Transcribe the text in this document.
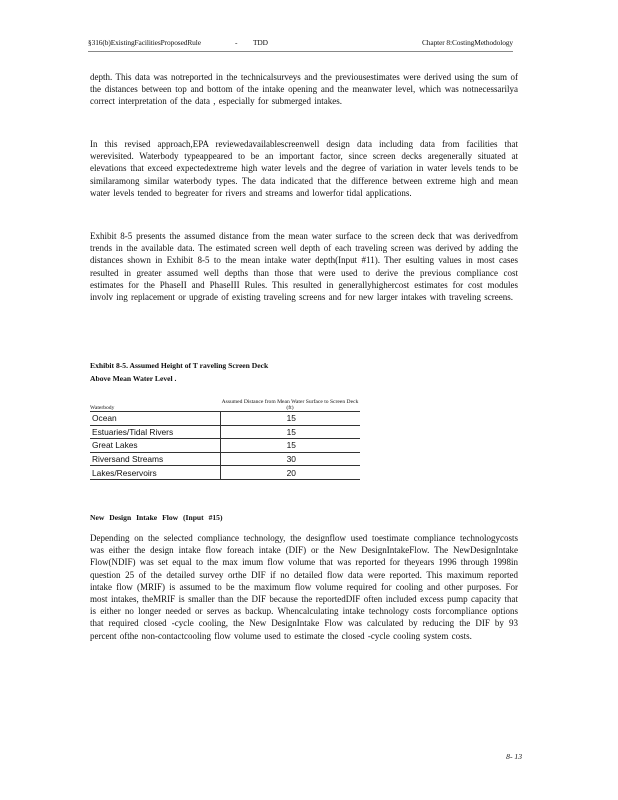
§316(b)ExistingFacilitiesProposedRule	- TDD	Chapter 8:CostingMethodology

depth. This data was notreported in the technicalsurveys and the previousestimates were derived using the sum of the distances between top and bottom of the intake opening and the meanwater level, which was notnecessarilya correct interpretation of the data , especially for submerged intakes.

In this revised approach,EPA reviewedavailablescreenwell design data including data from facilities that werevisited. Waterbody typeappeared to be an important factor, since screen decks aregenerally situated at elevations that exceed expectedextreme high water levels and the degree of variation in water levels tends to be similaramong similar waterbody types. The data indicated that the difference between extreme high and mean water levels tended to begreater for rivers and streams and lowerfor tidal applications.

Exhibit 8-5 presents the assumed distance from the mean water surface to the screen deck that was derivedfrom trends in the available data. The estimated screen well depth of each traveling screen was derived by adding the distances shown in Exhibit 8-5 to the mean intake water depth(Input #11). Ther esulting values in most cases resulted in greater assumed well depths than those that were used to derive the previous compliance cost estimates for the PhaseII and PhaseIII Rules. This resulted in generallyhighercost estimates for cost modules involv ing replacement or upgrade of existing traveling screens and for new larger intakes with traveling screens.

Exhibit 8-5. Assumed Height of T raveling Screen Deck
Above Mean Water Level .
Waterbody	Assumed Distance from Mean Water Surface to Screen Deck (ft)
Ocean	15
Estuaries/Tidal Rivers	15
Great Lakes	15
Riversand Streams	30
Lakes/Reservoirs	20
New Design Intake Flow (Input #15)

Depending on the selected compliance technology, the designflow used toestimate compliance technologycosts was either the design intake flow foreach intake (DIF) or the New DesignIntakeFlow. The NewDesignIntake Flow(NDIF) was set equal to the max imum flow volume that was reported for theyears 1996 through 1998in question 25 of the detailed survey orthe DIF if no detailed flow data were reported. This maximum reported intake flow (MRIF) is assumed to be the maximum flow volume required for cooling and other purposes. For most intakes, theMRIF is smaller than the DIF because the reportedDIF often included excess pump capacity that is either no longer needed or serves as backup. Whencalculating intake technology costs forcompliance options that required closed -cycle cooling, the New DesignIntake Flow was calculated by reducing the DIF by 93 percent ofthe non-contactcooling flow volume used to estimate the closed -cycle cooling system costs.

8- 13
